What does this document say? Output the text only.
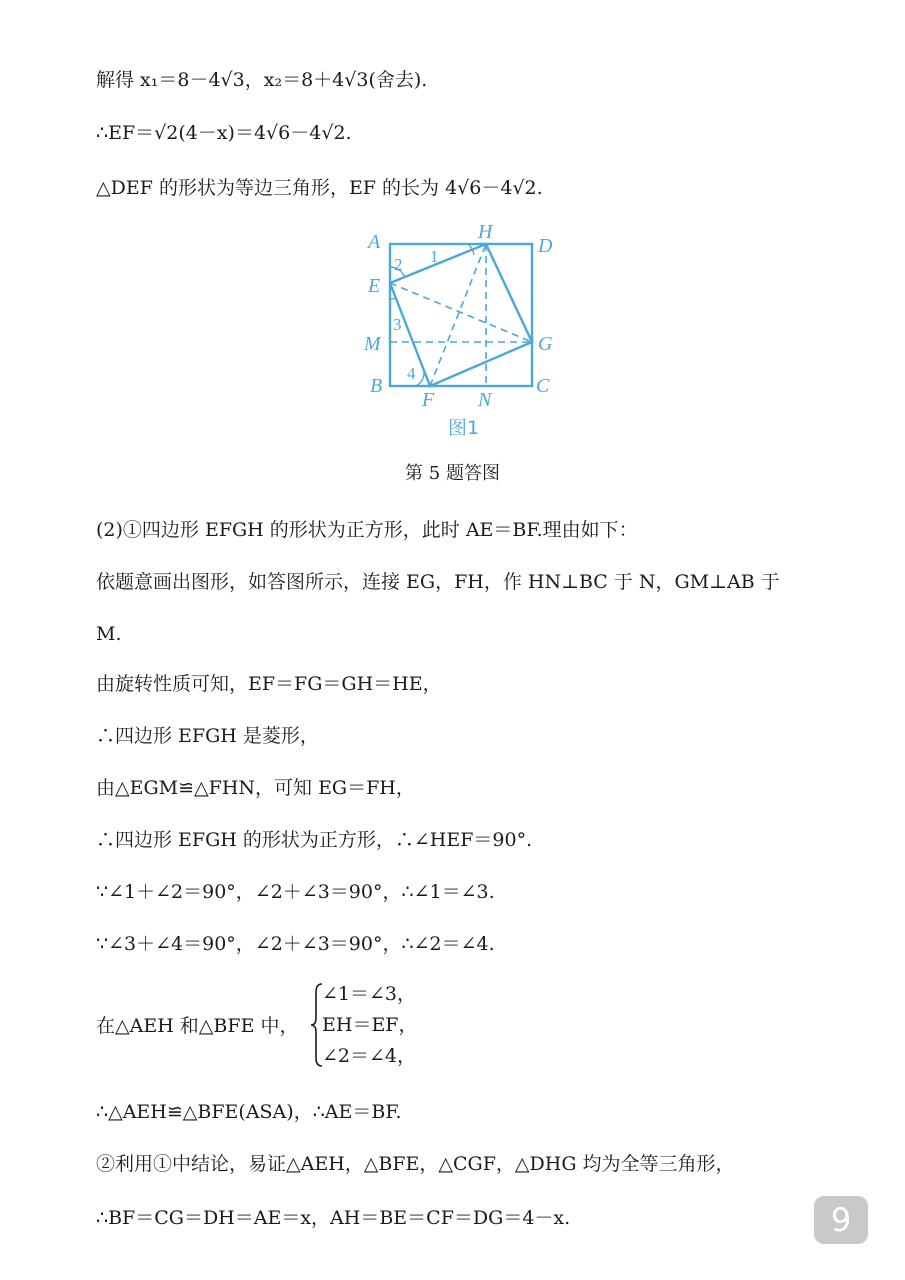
解得 x₁＝8－4√3，x₂＝8＋4√3(舍去).
∴EF＝√2(4－x)＝4√6－4√2.
△DEF 的形状为等边三角形，EF 的长为 4√6－4√2.
A	H
D
E
M	G
B	C
F N
1
2
3
4
图1
第 5 题答图
(2)①四边形 EFGH 的形状为正方形，此时 AE＝BF.理由如下：
依题意画出图形，如答图所示，连接 EG，FH，作 HN⊥BC 于 N，GM⊥AB 于
M.
由旋转性质可知，EF＝FG＝GH＝HE，
∴四边形 EFGH 是菱形，
由△EGM≌△FHN，可知 EG＝FH，
∴四边形 EFGH 的形状为正方形，∴∠HEF＝90°.
∵∠1＋∠2＝90°，∠2＋∠3＝90°，∴∠1＝∠3.
∵∠3＋∠4＝90°，∠2＋∠3＝90°，∴∠2＝∠4.
在△AEH 和△BFE 中，
∠1＝∠3，
EH＝EF，
∠2＝∠4，
∴△AEH≌△BFE(ASA)，∴AE＝BF.
②利用①中结论，易证△AEH，△BFE，△CGF，△DHG 均为全等三角形，
∴BF＝CG＝DH＝AE＝x，AH＝BE＝CF＝DG＝4－x.	9
